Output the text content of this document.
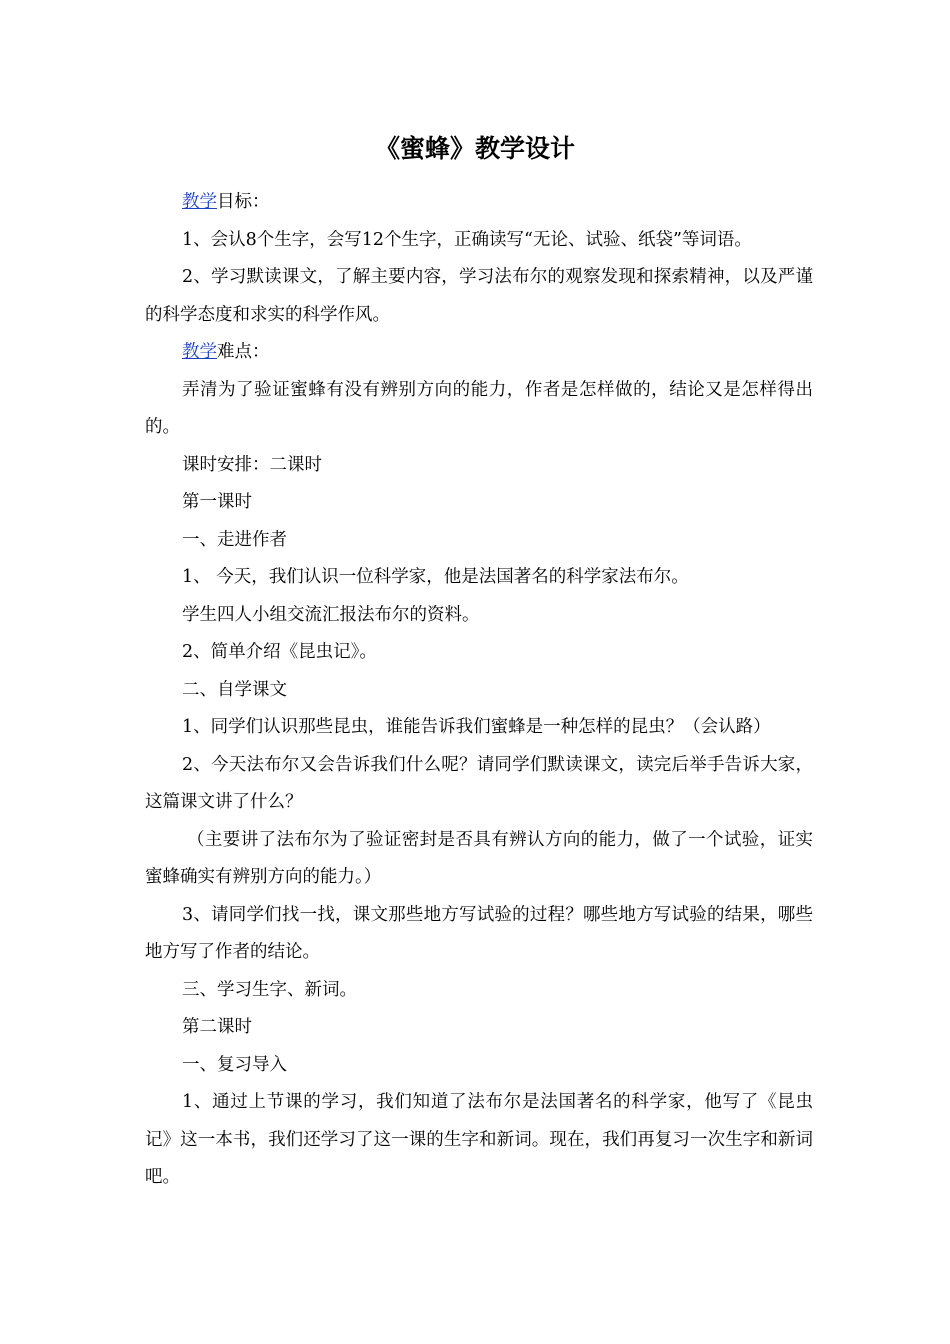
《蜜蜂》教学设计

教学目标：

1、会认8个生字，会写12个生字，正确读写“无论、试验、纸袋”等词语。

2、学习默读课文，了解主要内容，学习法布尔的观察发现和探索精神，以及严谨的科学态度和求实的科学作风。

教学难点：

弄清为了验证蜜蜂有没有辨别方向的能力，作者是怎样做的，结论又是怎样得出的。

课时安排：二课时

第一课时

一、走进作者

1、 今天，我们认识一位科学家，他是法国著名的科学家法布尔。

学生四人小组交流汇报法布尔的资料。

2、简单介绍《昆虫记》。

二、自学课文

1、同学们认识那些昆虫，谁能告诉我们蜜蜂是一种怎样的昆虫？（会认路）

2、今天法布尔又会告诉我们什么呢？请同学们默读课文，读完后举手告诉大家，这篇课文讲了什么？

（主要讲了法布尔为了验证密封是否具有辨认方向的能力，做了一个试验，证实蜜蜂确实有辨别方向的能力。）

3、请同学们找一找，课文那些地方写试验的过程？哪些地方写试验的结果，哪些地方写了作者的结论。

三、学习生字、新词。

第二课时

一、复习导入

1、通过上节课的学习，我们知道了法布尔是法国著名的科学家，他写了《昆虫记》这一本书，我们还学习了这一课的生字和新词。现在，我们再复习一次生字和新词吧。
